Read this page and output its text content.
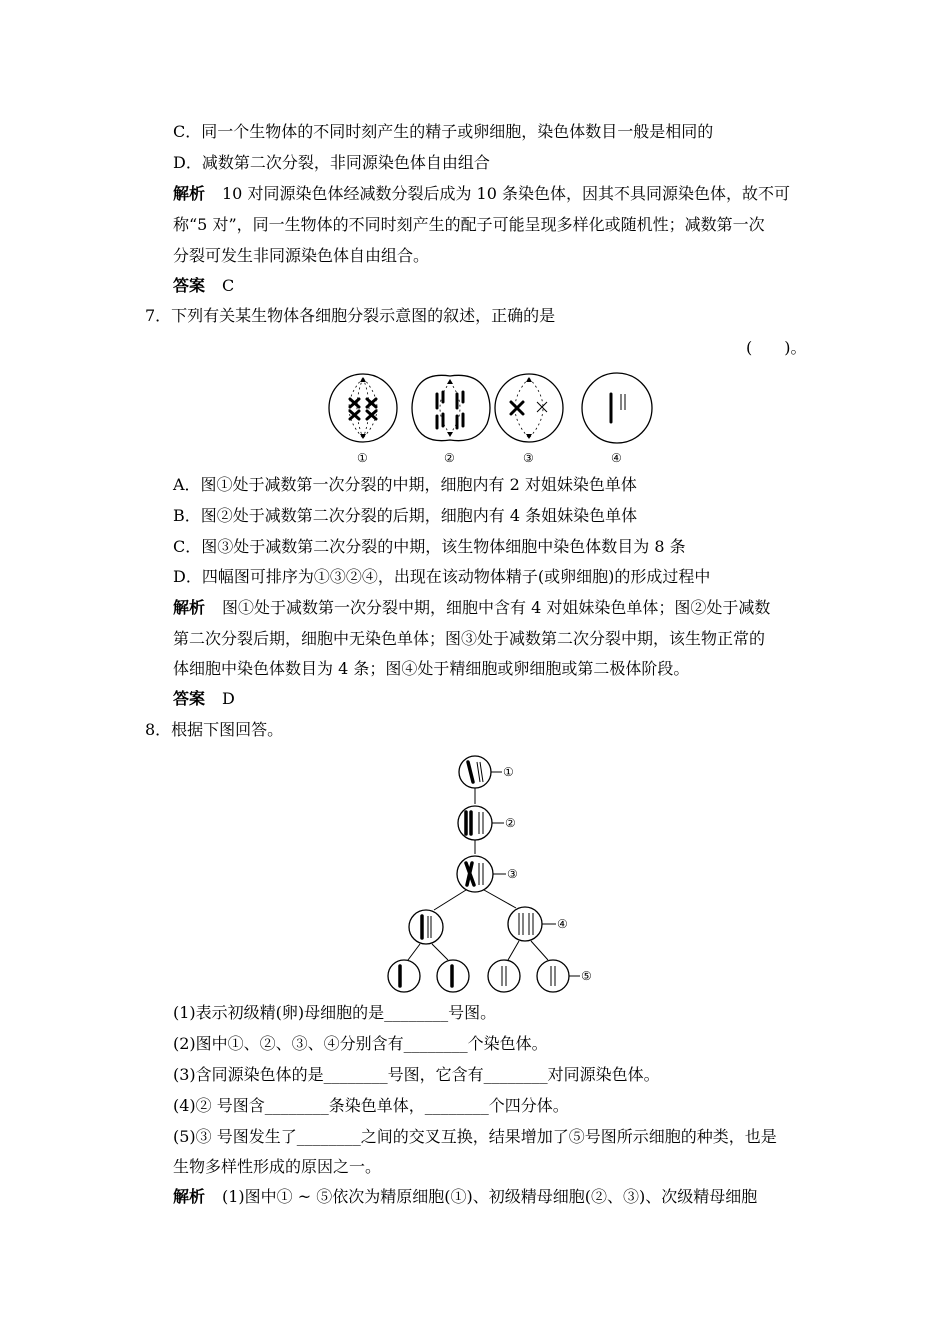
C．同一个生物体的不同时刻产生的精子或卵细胞，染色体数目一般是相同的
D．减数第二次分裂，非同源染色体自由组合
解析 10 对同源染色体经减数分裂后成为 10 条染色体，因其不具同源染色体，故不可
称“5 对”，同一生物体的不同时刻产生的配子可能呈现多样化或随机性；减数第一次
分裂可发生非同源染色体自由组合。
答案 C
7．下列有关某生物体各细胞分裂示意图的叙述，正确的是
(　　)。
①	②	③	④
A．图①处于减数第一次分裂的中期，细胞内有 2 对姐妹染色单体
B．图②处于减数第二次分裂的后期，细胞内有 4 条姐妹染色单体
C．图③处于减数第二次分裂的中期，该生物体细胞中染色体数目为 8 条
D．四幅图可排序为①③②④，出现在该动物体精子(或卵细胞)的形成过程中
解析 图①处于减数第一次分裂中期，细胞中含有 4 对姐妹染色单体；图②处于减数
第二次分裂后期，细胞中无染色单体；图③处于减数第二次分裂中期，该生物正常的
体细胞中染色体数目为 4 条；图④处于精细胞或卵细胞或第二极体阶段。
答案 D
8．根据下图回答。
①
②
③
④
⑤
(1)表示初级精(卵)母细胞的是________号图。
(2)图中①、②、③、④分别含有________个染色体。
(3)含同源染色体的是________号图，它含有________对同源染色体。
(4)② 号图含________条染色单体，________个四分体。
(5)③ 号图发生了________之间的交叉互换，结果增加了⑤号图所示细胞的种类，也是
生物多样性形成的原因之一。
解析 (1)图中① ~ ⑤依次为精原细胞(①)、初级精母细胞(②、③)、次级精母细胞
